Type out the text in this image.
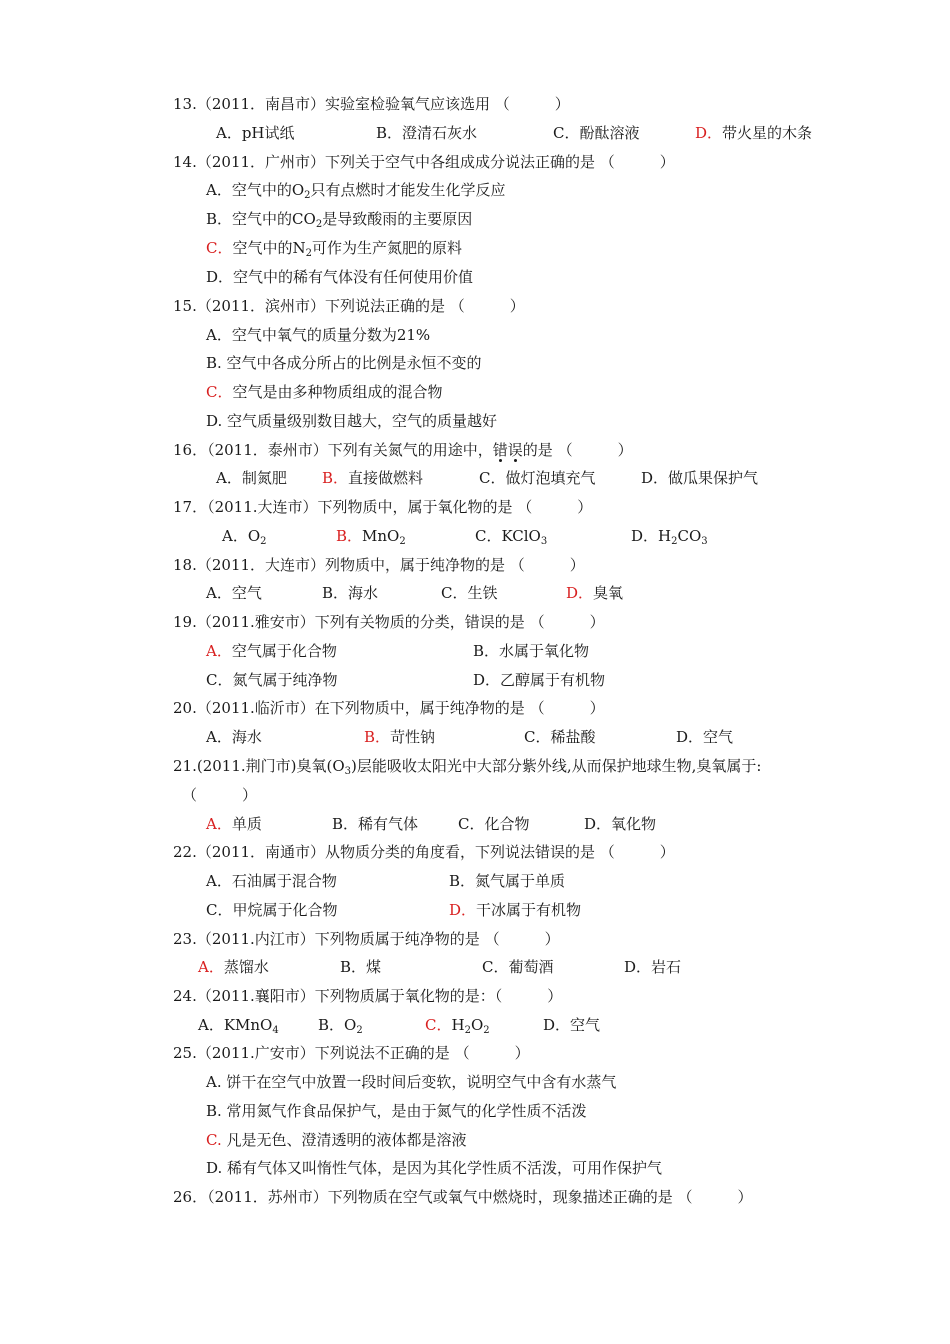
13.（2011．南昌市）实验室检验氧气应该选用 （　　　）
A．pH试纸	B．澄清石灰水	C．酚酞溶液	D．带火星的木条
14.（2011．广州市）下列关于空气中各组成成分说法正确的是 （　　　）
A．空气中的$O_2$只有点燃时才能发生化学反应
B．空气中的$CO_2$是导致酸雨的主要原因
C．空气中的$N_2$可作为生产氮肥的原料
D．空气中的稀有气体没有任何使用价值
15.（2011．滨州市）下列说法正确的是 （　　　）
A．空气中氧气的质量分数为21%
B. 空气中各成分所占的比例是永恒不变的
C．空气是由多种物质组成的混合物
D. 空气质量级别数目越大，空气的质量越好
16．（2011．泰州市）下列有关氮气的用途中，错误的是 （　　　）
A．制氮肥 B．直接做燃料	C．做灯泡填充气	D．做瓜果保护气
17．（2011.大连市）下列物质中，属于氧化物的是 （　　　）
A．$O_2$	B．MnO$_2$	C．KClO$_3$	D．$H_2CO_3$
18.（2011．大连市）列物质中，属于纯净物的是 （　　　）
A．空气	B．海水	C．生铁	D．臭氧
19.（2011.雅安市）下列有关物质的分类，错误的是 （　　　）
A．空气属于化合物	B．水属于氧化物
C．氮气属于纯净物	D．乙醇属于有机物
20.（2011.临沂市）在下列物质中，属于纯净物的是 （　　　）
A．海水	B．苛性钠	C．稀盐酸	D．空气
21.(2011.荆门市)臭氧$(O_3)$层能吸收太阳光中大部分紫外线,从而保护地球生物,臭氧属于:
（　　　）
A．单质	B．稀有气体	C．化合物	D．氧化物
22.（2011．南通市）从物质分类的角度看，下列说法错误的是 （　　　）
A．石油属于混合物	B．氮气属于单质
C．甲烷属于化合物	D．干冰属于有机物
23.（2011.内江市）下列物质属于纯净物的是 （　　　）
A．蒸馏水	B．煤	C．葡萄酒	D．岩石
24.（2011.襄阳市）下列物质属于氧化物的是：（　　　）
A．KMnO$_4$	B．$O_2$	C．$H_2O_2$	D．空气
25.（2011.广安市）下列说法不正确的是 （　　　）
A. 饼干在空气中放置一段时间后变软，说明空气中含有水蒸气
B. 常用氮气作食品保护气，是由于氮气的化学性质不活泼
C. 凡是无色、澄清透明的液体都是溶液
D. 稀有气体又叫惰性气体，是因为其化学性质不活泼，可用作保护气
26．（2011．苏州市）下列物质在空气或氧气中燃烧时，现象描述正确的是 （　　　）
